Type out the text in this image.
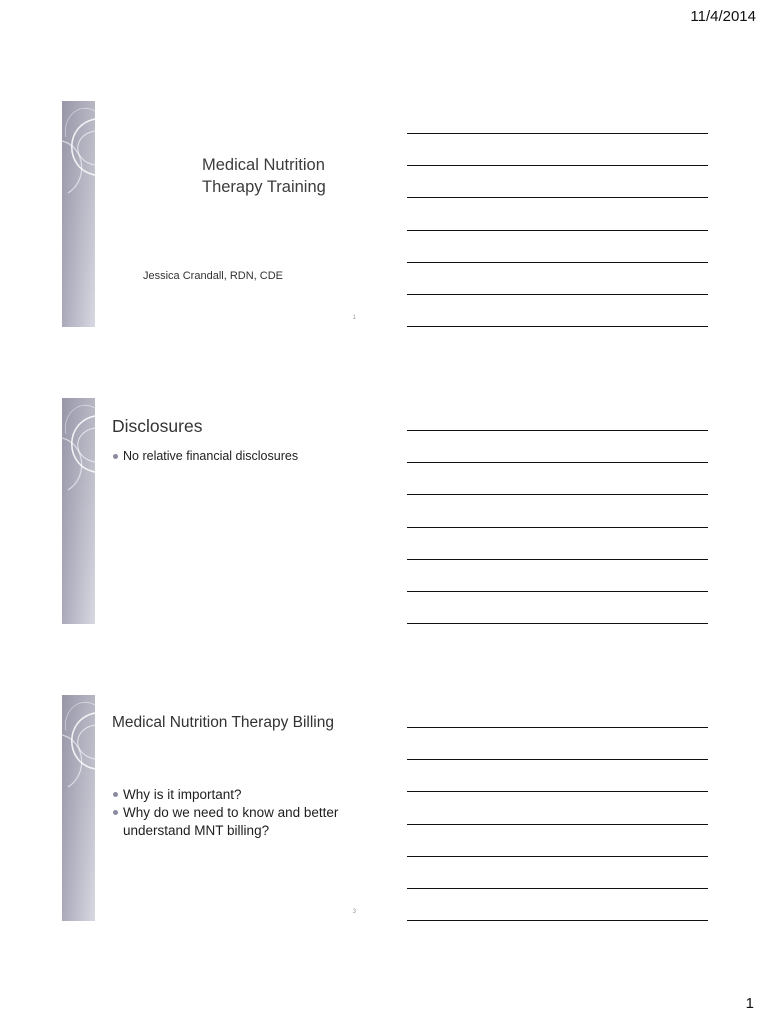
11/4/2014
Medical Nutrition
Therapy Training
Jessica Crandall, RDN, CDE
1
Disclosures
No relative financial disclosures
Medical Nutrition Therapy Billing
Why is it important?
Why do we need to know and better understand MNT billing?
3
1
